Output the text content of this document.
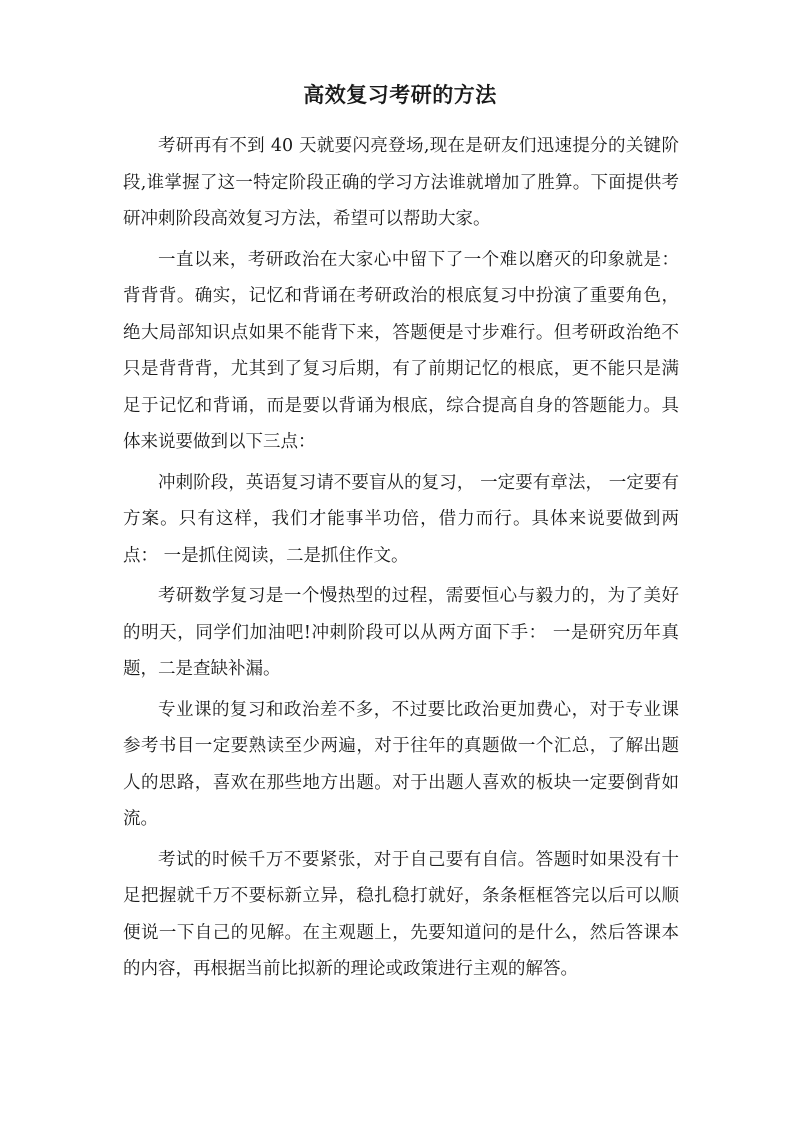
高效复习考研的方法

考研再有不到 40 天就要闪亮登场,现在是研友们迅速提分的关键阶段,谁掌握了这一特定阶段正确的学习方法谁就增加了胜算。下面提供考研冲刺阶段高效复习方法，希望可以帮助大家。

一直以来，考研政治在大家心中留下了一个难以磨灭的印象就是：背背背。确实，记忆和背诵在考研政治的根底复习中扮演了重要角色，绝大局部知识点如果不能背下来，答题便是寸步难行。但考研政治绝不只是背背背，尤其到了复习后期，有了前期记忆的根底，更不能只是满足于记忆和背诵，而是要以背诵为根底，综合提高自身的答题能力。具体来说要做到以下三点：

冲刺阶段，英语复习请不要盲从的复习， 一定要有章法， 一定要有方案。只有这样，我们才能事半功倍，借力而行。具体来说要做到两点： 一是抓住阅读，二是抓住作文。

考研数学复习是一个慢热型的过程，需要恒心与毅力的，为了美好的明天，同学们加油吧!冲刺阶段可以从两方面下手： 一是研究历年真题，二是查缺补漏。

专业课的复习和政治差不多，不过要比政治更加费心，对于专业课参考书目一定要熟读至少两遍，对于往年的真题做一个汇总，了解出题人的思路，喜欢在那些地方出题。对于出题人喜欢的板块一定要倒背如流。

考试的时候千万不要紧张，对于自己要有自信。答题时如果没有十足把握就千万不要标新立异，稳扎稳打就好，条条框框答完以后可以顺便说一下自己的见解。在主观题上，先要知道问的是什么，然后答课本的内容，再根据当前比拟新的理论或政策进行主观的解答。
